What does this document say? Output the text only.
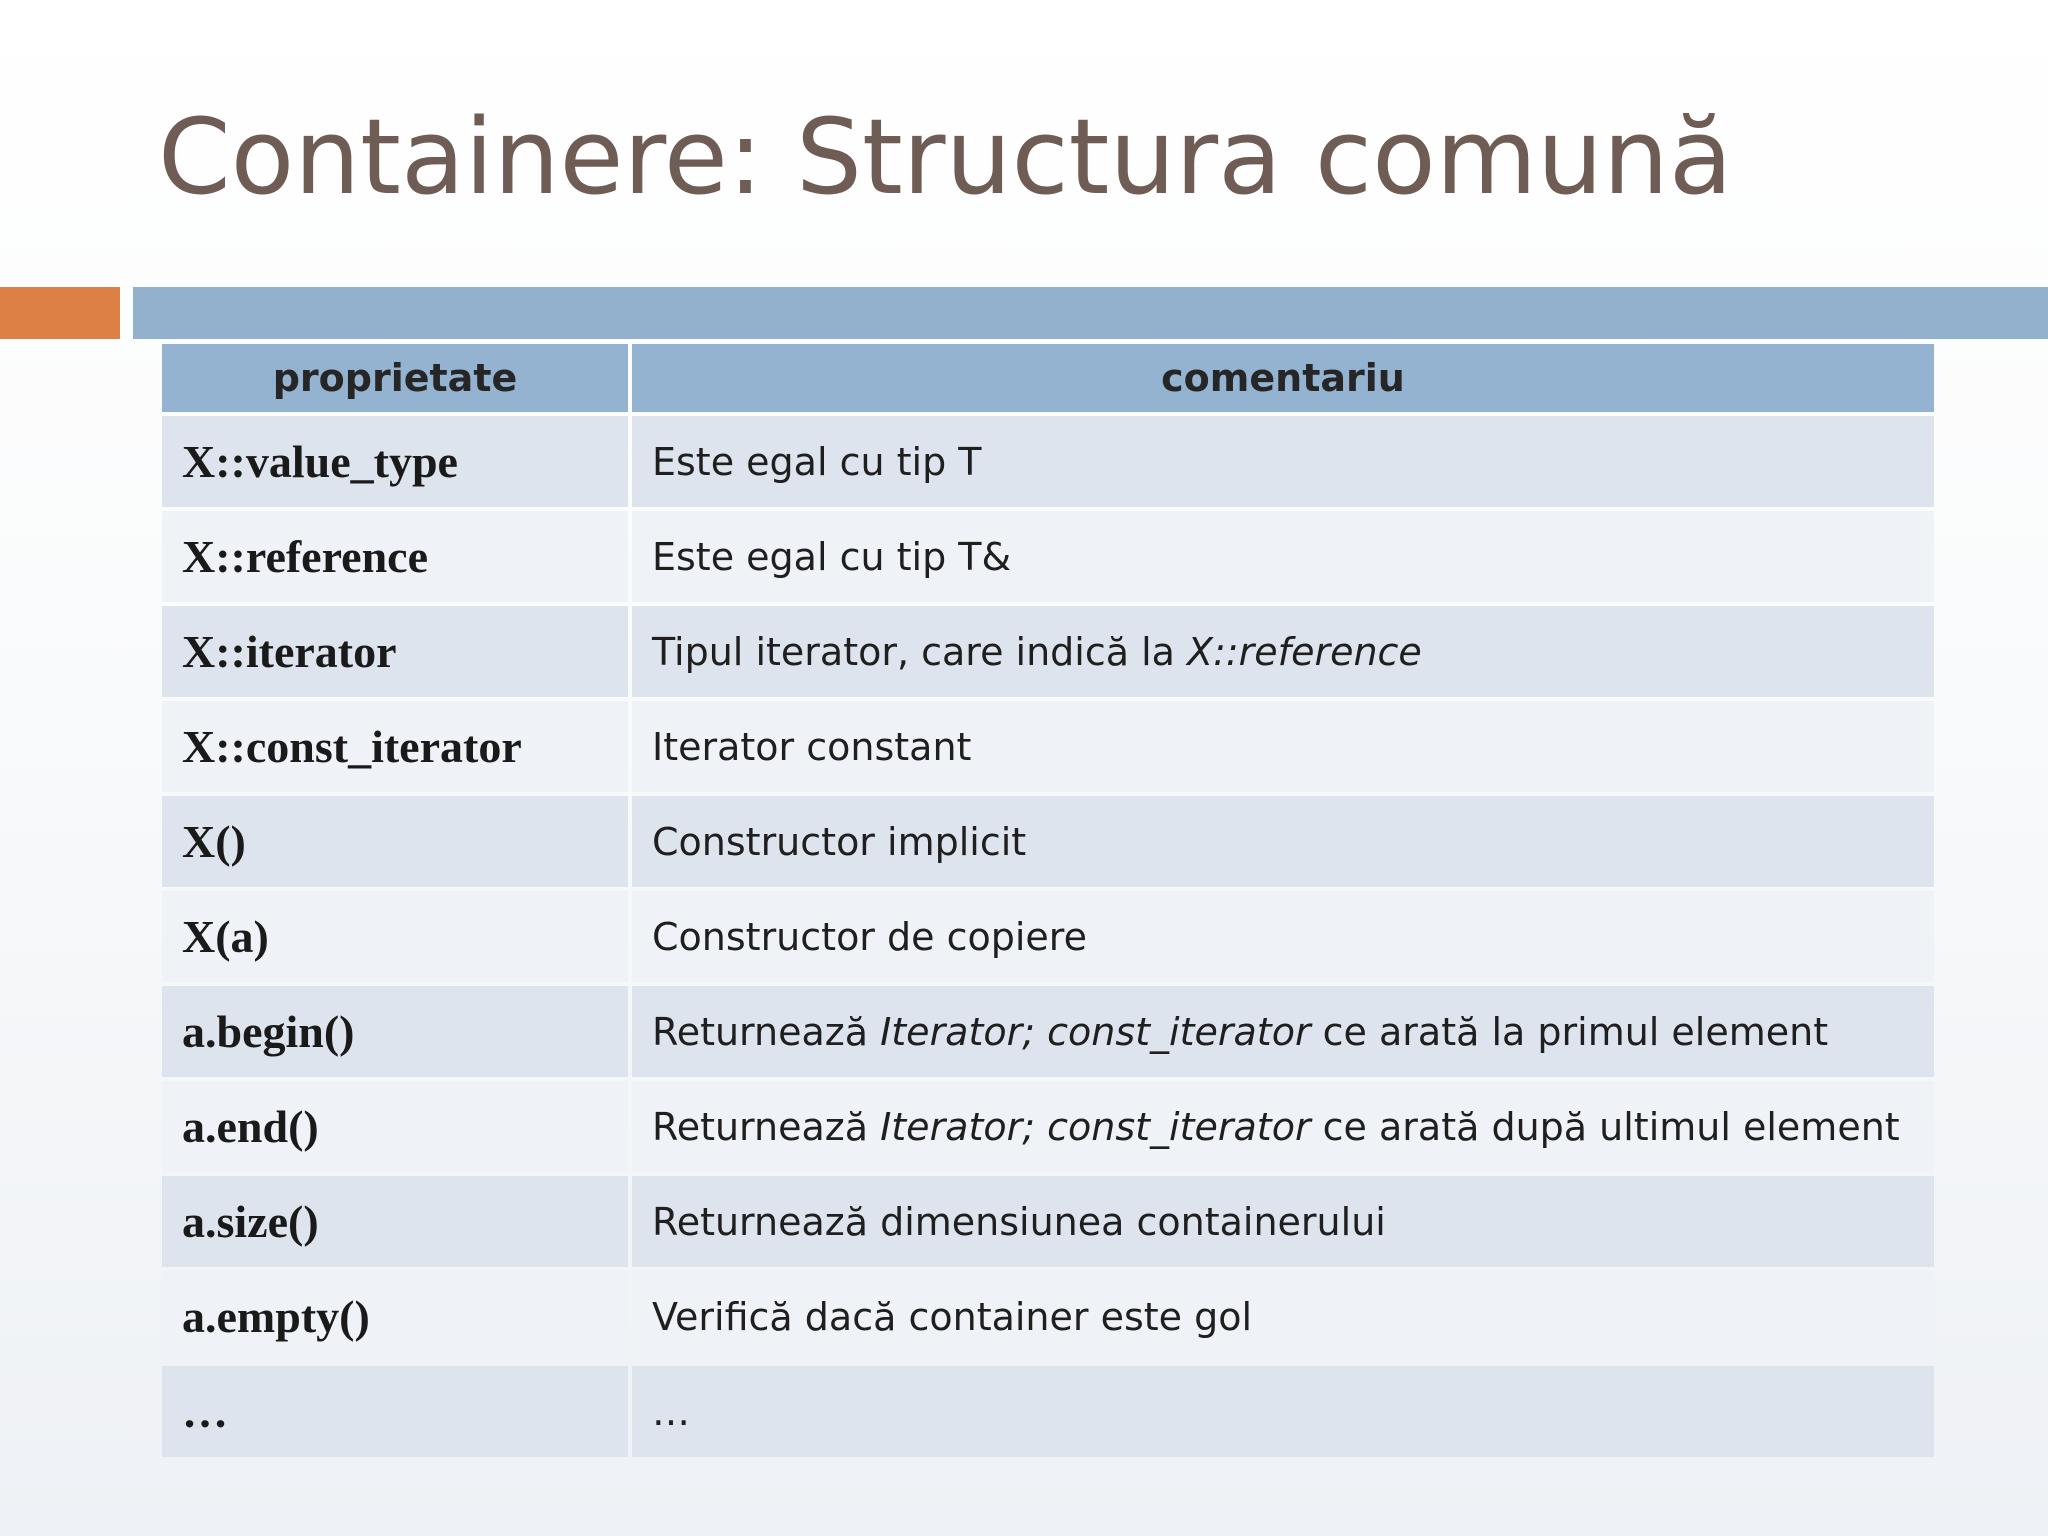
Containere: Structura comună
proprietate	comentariu
X::value_type	Este egal cu tip T
X::reference	Este egal cu tip T&
X::iterator	Tipul iterator, care indică la X::reference
X::const_iterator	Iterator constant
X()	Constructor implicit
X(a)	Constructor de copiere
a.begin()	Returnează Iterator; const_iterator ce arată la primul element
a.end()	Returnează Iterator; const_iterator ce arată după ultimul element
a.size()	Returnează dimensiunea containerului
a.empty()	Verifică dacă container este gol
…	…
